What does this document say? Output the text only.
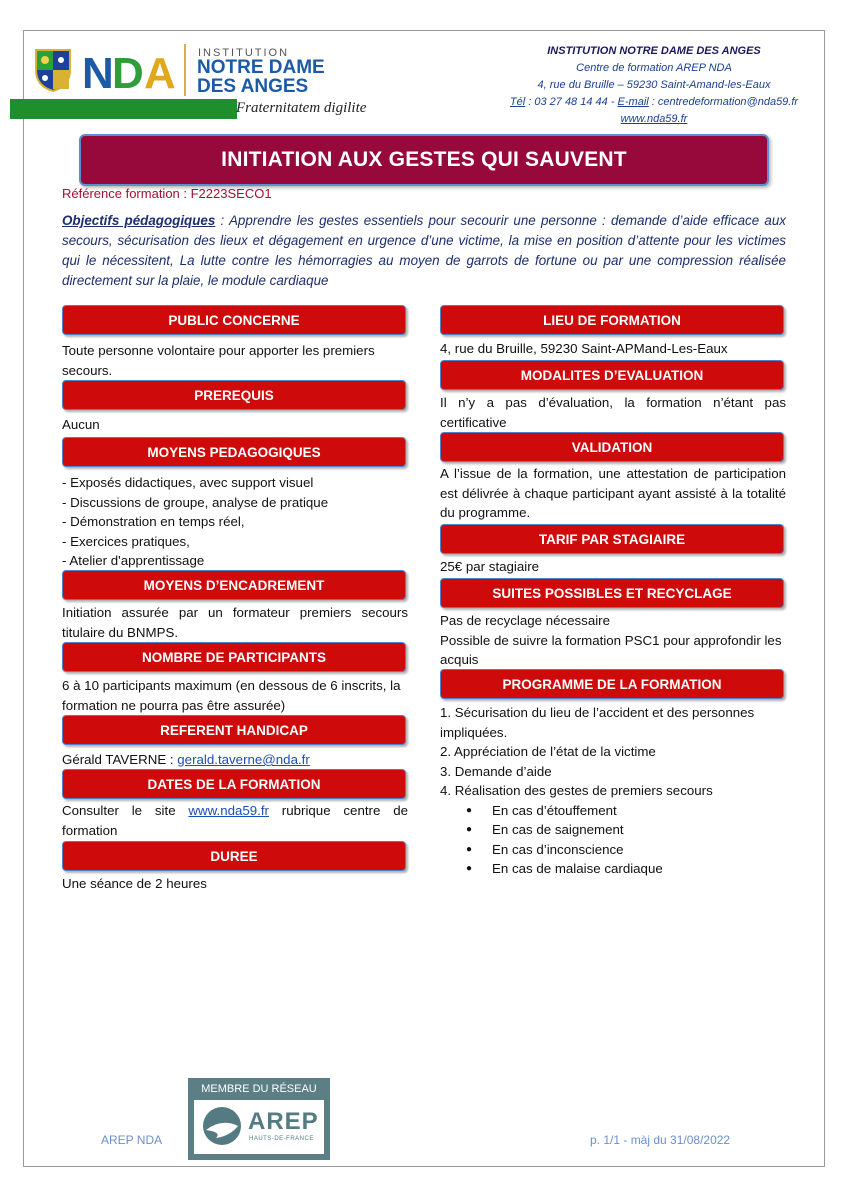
N D A INSTITUTION
NOTRE DAME
DES ANGES
Fraternitatem digilite
INSTITUTION NOTRE DAME DES ANGES
Centre de formation AREP NDA
4, rue du Bruille – 59230 Saint-Amand-les-Eaux
Tél : 03 27 48 14 44 - E-mail : centredeformation@nda59.fr
www.nda59.fr
INITIATION AUX GESTES QUI SAUVENT
Référence formation : F2223SECO1
Objectifs pédagogiques : Apprendre les gestes essentiels pour secourir une personne : demande d’aide efficace aux secours, sécurisation des lieux et dégagement en urgence d’une victime, la mise en position d’attente pour les victimes qui le nécessitent, La lutte contre les hémorragies au moyen de garrots de fortune ou par une compression réalisée directement sur la plaie, le module cardiaque
PUBLIC CONCERNE
Toute personne volontaire pour apporter les premiers secours.
PREREQUIS
Aucun
MOYENS PEDAGOGIQUES
- Exposés didactiques, avec support visuel
- Discussions de groupe, analyse de pratique
- Démonstration en temps réel,
- Exercices pratiques,
- Atelier d'apprentissage
MOYENS D’ENCADREMENT
Initiation assurée par un formateur premiers secours titulaire du BNMPS.
NOMBRE DE PARTICIPANTS
6 à 10 participants maximum (en dessous de 6 inscrits, la formation ne pourra pas être assurée)
REFERENT HANDICAP
Gérald TAVERNE : gerald.taverne@nda.fr
DATES DE LA FORMATION
Consulter le site www.nda59.fr rubrique centre de formation
DUREE
Une séance de 2 heures
LIEU DE FORMATION
4, rue du Bruille, 59230 Saint-APMand-Les-Eaux
MODALITES D’EVALUATION
Il n’y a pas d’évaluation, la formation n’étant pas certificative
VALIDATION
A l’issue de la formation, une attestation de participation est délivrée à chaque participant ayant assisté à la totalité du programme.
TARIF PAR STAGIAIRE
25€ par stagiaire
SUITES POSSIBLES ET RECYCLAGE
Pas de recyclage nécessaire
Possible de suivre la formation PSC1 pour approfondir les acquis
PROGRAMME DE LA FORMATION
1. Sécurisation du lieu de l’accident et des personnes impliquées.
2. Appréciation de l’état de la victime
3. Demande d’aide
4. Réalisation des gestes de premiers secours
● En cas d’étouffement
● En cas de saignement
● En cas d’inconscience
● En cas de malaise cardiaque
AREP NDA
MEMBRE DU RÉSEAU
AREP
HAUTS-DE-FRANCE	p. 1/1 - màj du 31/08/2022
